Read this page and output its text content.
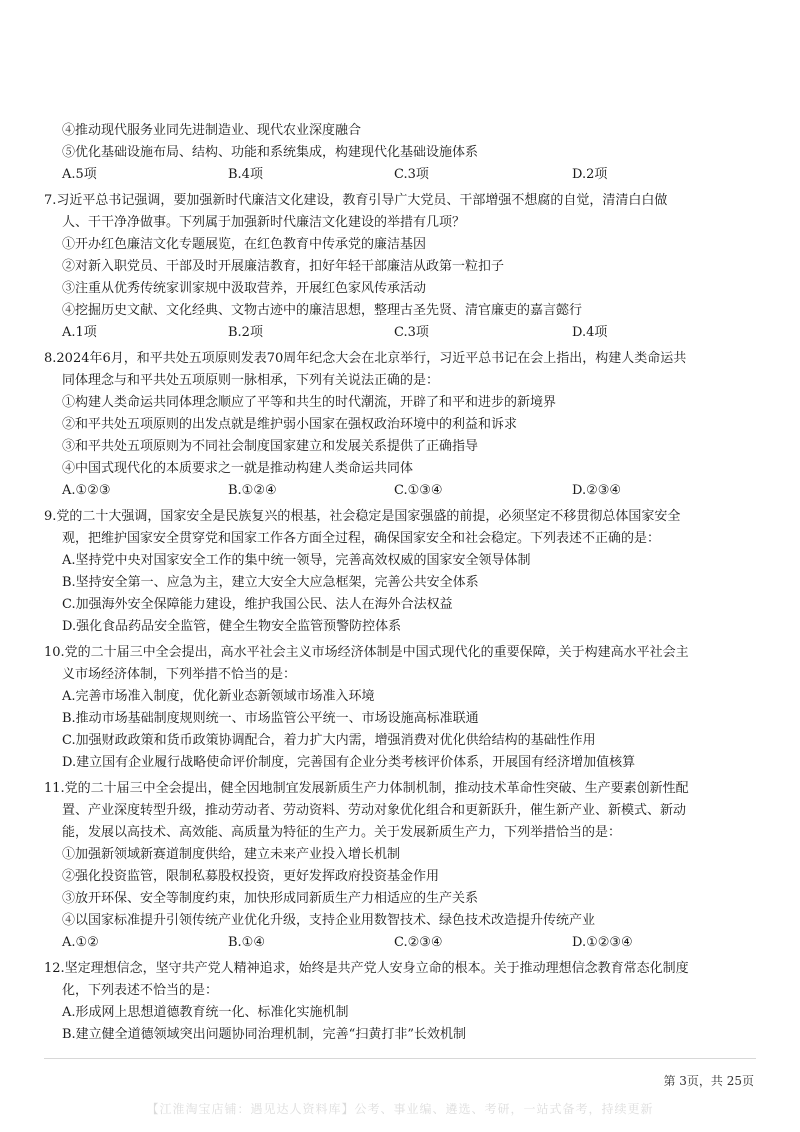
④推动现代服务业同先进制造业、现代农业深度融合
⑤优化基础设施布局、结构、功能和系统集成，构建现代化基础设施体系
A.5项	B.4项	C.3项	D.2项
7.习近平总书记强调，要加强新时代廉洁文化建设，教育引导广大党员、干部增强不想腐的自觉，清清白白做
人、干干净净做事。下列属于加强新时代廉洁文化建设的举措有几项？
①开办红色廉洁文化专题展览，在红色教育中传承党的廉洁基因
②对新入职党员、干部及时开展廉洁教育，扣好年轻干部廉洁从政第一粒扣子
③注重从优秀传统家训家规中汲取营养，开展红色家风传承活动
④挖掘历史文献、文化经典、文物古迹中的廉洁思想，整理古圣先贤、清官廉吏的嘉言懿行
A.1项	B.2项	C.3项	D.4项
8.2024年6月，和平共处五项原则发表70周年纪念大会在北京举行，习近平总书记在会上指出，构建人类命运共
同体理念与和平共处五项原则一脉相承，下列有关说法正确的是：
①构建人类命运共同体理念顺应了平等和共生的时代潮流，开辟了和平和进步的新境界
②和平共处五项原则的出发点就是维护弱小国家在强权政治环境中的利益和诉求
③和平共处五项原则为不同社会制度国家建立和发展关系提供了正确指导
④中国式现代化的本质要求之一就是推动构建人类命运共同体
A.①②③	B.①②④	C.①③④	D.②③④
9.党的二十大强调，国家安全是民族复兴的根基，社会稳定是国家强盛的前提，必须坚定不移贯彻总体国家安全
观，把维护国家安全贯穿党和国家工作各方面全过程，确保国家安全和社会稳定。下列表述不正确的是：
A.坚持党中央对国家安全工作的集中统一领导，完善高效权威的国家安全领导体制
B.坚持安全第一、应急为主，建立大安全大应急框架，完善公共安全体系
C.加强海外安全保障能力建设，维护我国公民、法人在海外合法权益
D.强化食品药品安全监管，健全生物安全监管预警防控体系
10.党的二十届三中全会提出，高水平社会主义市场经济体制是中国式现代化的重要保障，关于构建高水平社会主
义市场经济体制，下列举措不恰当的是：
A.完善市场准入制度，优化新业态新领域市场准入环境
B.推动市场基础制度规则统一、市场监管公平统一、市场设施高标准联通
C.加强财政政策和货币政策协调配合，着力扩大内需，增强消费对优化供给结构的基础性作用
D.建立国有企业履行战略使命评价制度，完善国有企业分类考核评价体系，开展国有经济增加值核算
11.党的二十届三中全会提出，健全因地制宜发展新质生产力体制机制，推动技术革命性突破、生产要素创新性配
置、产业深度转型升级，推动劳动者、劳动资料、劳动对象优化组合和更新跃升，催生新产业、新模式、新动
能，发展以高技术、高效能、高质量为特征的生产力。关于发展新质生产力，下列举措恰当的是：
①加强新领域新赛道制度供给，建立未来产业投入增长机制
②强化投资监管，限制私募股权投资，更好发挥政府投资基金作用
③放开环保、安全等制度约束，加快形成同新质生产力相适应的生产关系
④以国家标准提升引领传统产业优化升级，支持企业用数智技术、绿色技术改造提升传统产业
A.①②	B.①④	C.②③④	D.①②③④
12.坚定理想信念，坚守共产党人精神追求，始终是共产党人安身立命的根本。关于推动理想信念教育常态化制度
化，下列表述不恰当的是：
A.形成网上思想道德教育统一化、标准化实施机制
B.建立健全道德领域突出问题协同治理机制，完善“扫黄打非”长效机制
第 3页，共 25页
【江淮淘宝店铺：遇见达人资料库】公考、事业编、遴选、考研，一站式备考，持续更新
